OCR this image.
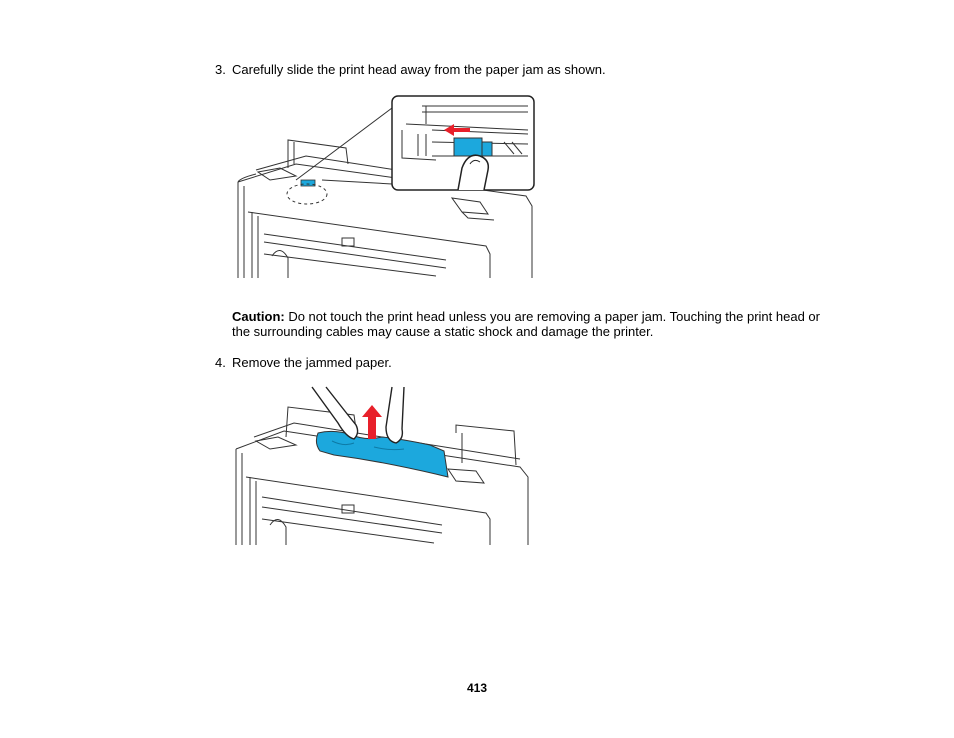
3. Carefully slide the print head away from the paper jam as shown.
Caution: Do not touch the print head unless you are removing a paper jam. Touching the print head or the surrounding cables may cause a static shock and damage the printer.
4. Remove the jammed paper.
413
